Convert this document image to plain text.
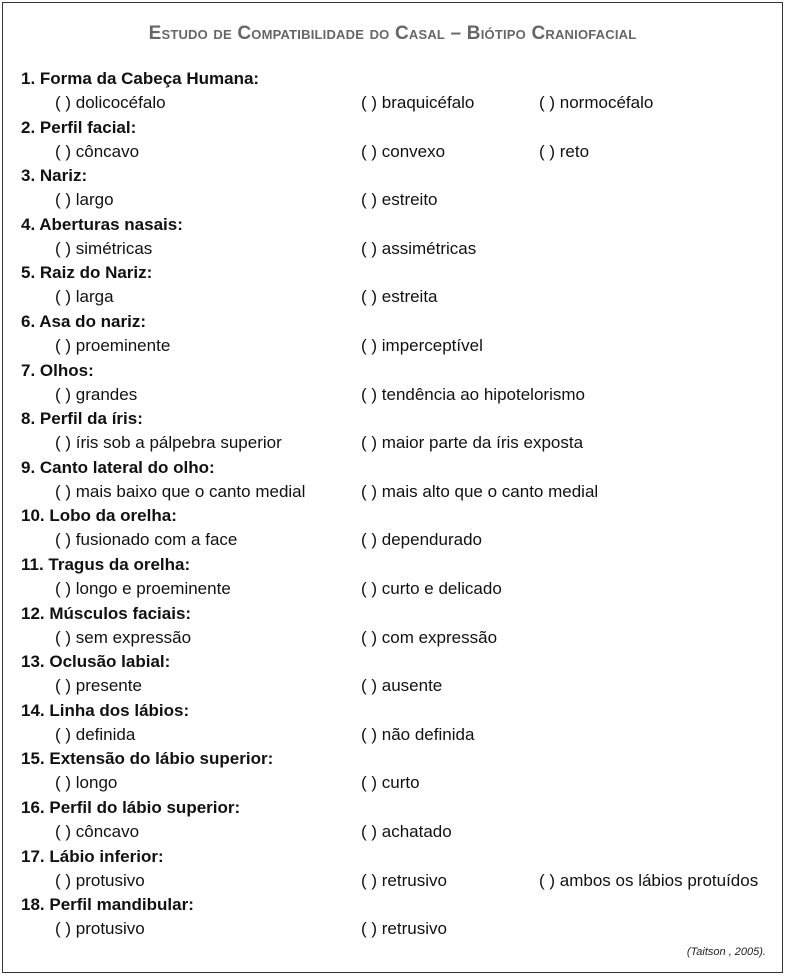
Estudo de Compatibilidade do Casal – Biótipo Craniofacial
1. Forma da Cabeça Humana:
( ) dolicocéfalo	( ) braquicéfalo	( ) normocéfalo
2. Perfil facial:
( ) côncavo	( ) convexo	( ) reto
3. Nariz:
( ) largo	( ) estreito
4. Aberturas nasais:
( ) simétricas	( ) assimétricas
5. Raiz do Nariz:
( ) larga	( ) estreita
6. Asa do nariz:
( ) proeminente	( ) imperceptível
7. Olhos:
( ) grandes	( ) tendência ao hipotelorismo
8. Perfil da íris:
( ) íris sob a pálpebra superior	( ) maior parte da íris exposta
9. Canto lateral do olho:
( ) mais baixo que o canto medial	( ) mais alto que o canto medial
10. Lobo da orelha:
( ) fusionado com a face	( ) dependurado
11. Tragus da orelha:
( ) longo e proeminente	( ) curto e delicado
12. Músculos faciais:
( ) sem expressão	( ) com expressão
13. Oclusão labial:
( ) presente	( ) ausente
14. Linha dos lábios:
( ) definida	( ) não definida
15. Extensão do lábio superior:
( ) longo	( ) curto
16. Perfil do lábio superior:
( ) côncavo	( ) achatado
17. Lábio inferior:
( ) protusivo	( ) retrusivo	( ) ambos os lábios protuídos
18. Perfil mandibular:
( ) protusivo	( ) retrusivo
(Taitson , 2005).
